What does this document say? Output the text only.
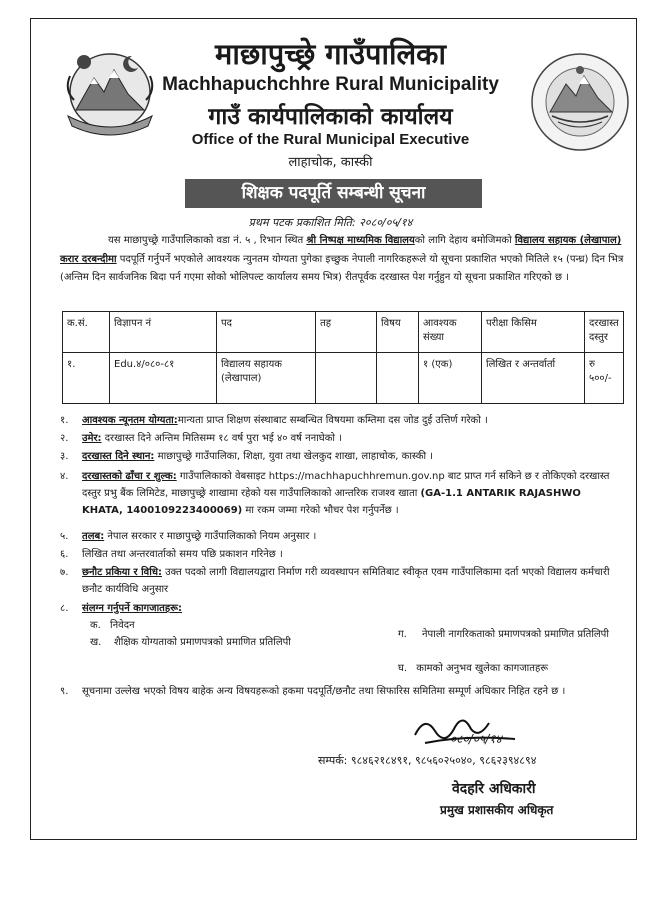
माछापुच्छ्रे गाउँपालिका
Machhapuchchhre Rural Municipality
गाउँ कार्यपालिकाको कार्यालय
Office of the Rural Municipal Executive
लाहाचोक, कास्की
शिक्षक पदपूर्ति सम्बन्धी सूचना
प्रथम पटक प्रकाशित मिति: २०८०/०५/१४
यस माछापुच्छ्रे गाउँपालिकाको वडा नं. ५ , रिभान स्थित श्री निष्पक्ष माध्यमिक विद्यालयको लागि देहाय बमोजिमको विद्यालय सहायक (लेखापाल) करार दरबन्दीमा पदपूर्ति गर्नुपर्ने भएकोले आवश्यक न्युनतम योग्यता पुगेका इच्छुक नेपाली नागरिकहरूले यो सूचना प्रकाशित भएको मितिले १५ (पन्ध्र) दिन भित्र (अन्तिम दिन सार्वजनिक बिदा पर्न गएमा सोको भोलिपल्ट कार्यालय समय भित्र) रीतपूर्वक दरखास्त पेश गर्नुहुन यो सूचना प्रकाशित गरिएको छ ।
क.सं.	विज्ञापन नं	पद	तह	विषय	आवश्यक संख्या	परीक्षा किसिम	दरखास्त दस्तुर
१.	Edu.४/०८०-८१	विद्यालय सहायक (लेखापाल)			१ (एक)	लिखित र अन्तर्वार्ता	रु ५००/-
१. आवश्यक न्यूनतम योग्यता:मान्यता प्राप्त शिक्षण संस्थाबाट सम्बन्धित विषयमा कम्तिमा दस जोड दुई उत्तिर्ण गरेको ।
२. उमेर: दरखास्त दिने अन्तिम मितिसम्म १८ वर्ष पुरा भई ४० वर्ष ननाघेको ।
३. दरखास्त दिने स्थान: माछापुच्छ्रे गाउँपालिका, शिक्षा, युवा तथा खेलकुद शाखा, लाहाचोक, कास्की ।
४. दरखास्तको ढाँचा र शुल्क: गाउँपालिकाको वेबसाइट https://machhapuchhremun.gov.np बाट प्राप्त गर्न सकिने छ र तोकिएको दरखास्त दस्तुर प्रभु बैंक लिमिटेड, माछापुच्छ्रे शाखामा रहेको यस गाउँपालिकाको आन्तरिक राजश्व खाता (GA-1.1 ANTARIK RAJASHWO KHATA, 1400109223400069) मा रकम जम्मा गरेको भौचर पेश गर्नुपर्नेछ ।
५. तलब: नेपाल सरकार र माछापुच्छ्रे गाउँपालिकाको नियम अनुसार ।
६. लिखित तथा अन्तरवार्ताको समय पछि प्रकाशन गरिनेछ ।
७. छनौट प्रकिया र विधि: उक्त पदको लागी विद्यालयद्वारा निर्माण गरी व्यवस्थापन समितिबाट स्वीकृत एवम गाउँपालिकामा दर्ता भएको विद्यालय कर्मचारी छनौट कार्यविधि अनुसार
८. संलग्न गर्नुपर्ने कागजातहरू:
क. निवेदन
ख. शैक्षिक योग्यताको प्रमाणपत्रको प्रमाणित प्रतिलिपी
ग. नेपाली नागरिकताको प्रमाणपत्रको प्रमाणित प्रतिलिपी
घ. कामको अनुभव खुलेका कागजातहरू
९. सूचनामा उल्लेख भएको विषय बाहेक अन्य विषयहरूको हकमा पदपूर्ति/छनौट तथा सिफारिस समितिमा सम्पूर्ण अधिकार निहित रहने छ ।
०८०/०५/१४
सम्पर्क: ९८४६२१८४९१, ९८५६०२५०४०, ९८६२३९४८९४
वेदहरि अधिकारी
प्रमुख प्रशासकीय अधिकृत
